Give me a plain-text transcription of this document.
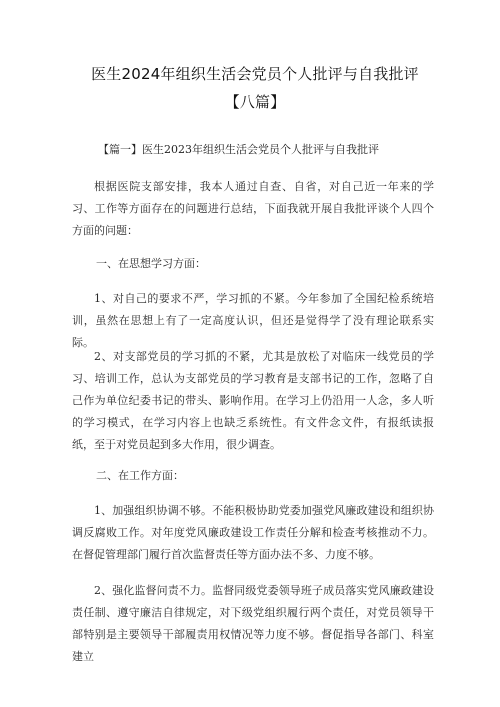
医生2024年组织生活会党员个人批评与自我批评【八篇】
【篇一】医生2023年组织生活会党员个人批评与自我批评

根据医院支部安排，我本人通过自查、自省，对自己近一年来的学习、工作等方面存在的问题进行总结，下面我就开展自我批评谈个人四个方面的问题：

一、在思想学习方面：

1、对自己的要求不严，学习抓的不紧。今年参加了全国纪检系统培训，虽然在思想上有了一定高度认识，但还是觉得学了没有理论联系实际。

2、对支部党员的学习抓的不紧，尤其是放松了对临床一线党员的学习、培训工作，总认为支部党员的学习教育是支部书记的工作，忽略了自己作为单位纪委书记的带头、影响作用。在学习上仍沿用一人念，多人听的学习模式，在学习内容上也缺乏系统性。有文件念文件，有报纸读报纸，至于对党员起到多大作用，很少调查。

二、在工作方面：

1、加强组织协调不够。不能积极协助党委加强党风廉政建设和组织协调反腐败工作。对年度党风廉政建设工作责任分解和检查考核推动不力。在督促管理部门履行首次监督责任等方面办法不多、力度不够。

2、强化监督问责不力。监督同级党委领导班子成员落实党风廉政建设责任制、遵守廉洁自律规定，对下级党组织履行两个责任，对党员领导干部特别是主要领导干部履责用权情况等力度不够。督促指导各部门、科室建立
